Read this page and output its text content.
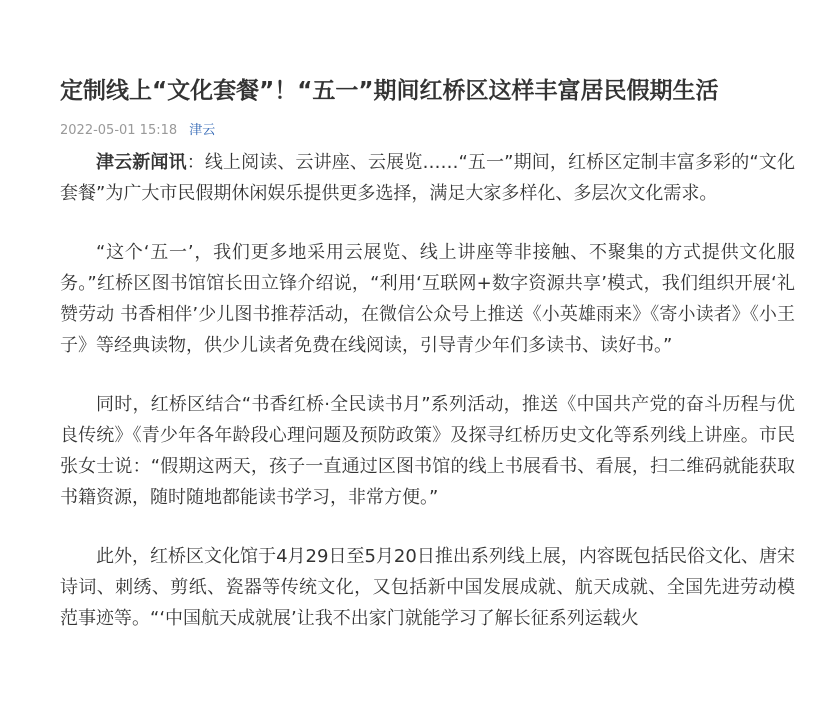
定制线上“文化套餐”！“五一”期间红桥区这样丰富居民假期生活
2022-05-01 15:18 津云

津云新闻讯：线上阅读、云讲座、云展览……“五一”期间，红桥区定制丰富多彩的“文化套餐”为广大市民假期休闲娱乐提供更多选择，满足大家多样化、多层次文化需求。

“这个‘五一’，我们更多地采用云展览、线上讲座等非接触、不聚集的方式提供文化服务。”红桥区图书馆馆长田立锋介绍说，“利用‘互联网+数字资源共享’模式，我们组织开展‘礼赞劳动 书香相伴’少儿图书推荐活动，在微信公众号上推送《小英雄雨来》《寄小读者》《小王子》等经典读物，供少儿读者免费在线阅读，引导青少年们多读书、读好书。”

同时，红桥区结合“书香红桥·全民读书月”系列活动，推送《中国共产党的奋斗历程与优良传统》《青少年各年龄段心理问题及预防政策》及探寻红桥历史文化等系列线上讲座。市民张女士说：“假期这两天，孩子一直通过区图书馆的线上书展看书、看展，扫二维码就能获取书籍资源，随时随地都能读书学习，非常方便。”

此外，红桥区文化馆于4月29日至5月20日推出系列线上展，内容既包括民俗文化、唐宋诗词、刺绣、剪纸、瓷器等传统文化，又包括新中国发展成就、航天成就、全国先进劳动模范事迹等。“‘中国航天成就展’让我不出家门就能学习了解长征系列运载火
